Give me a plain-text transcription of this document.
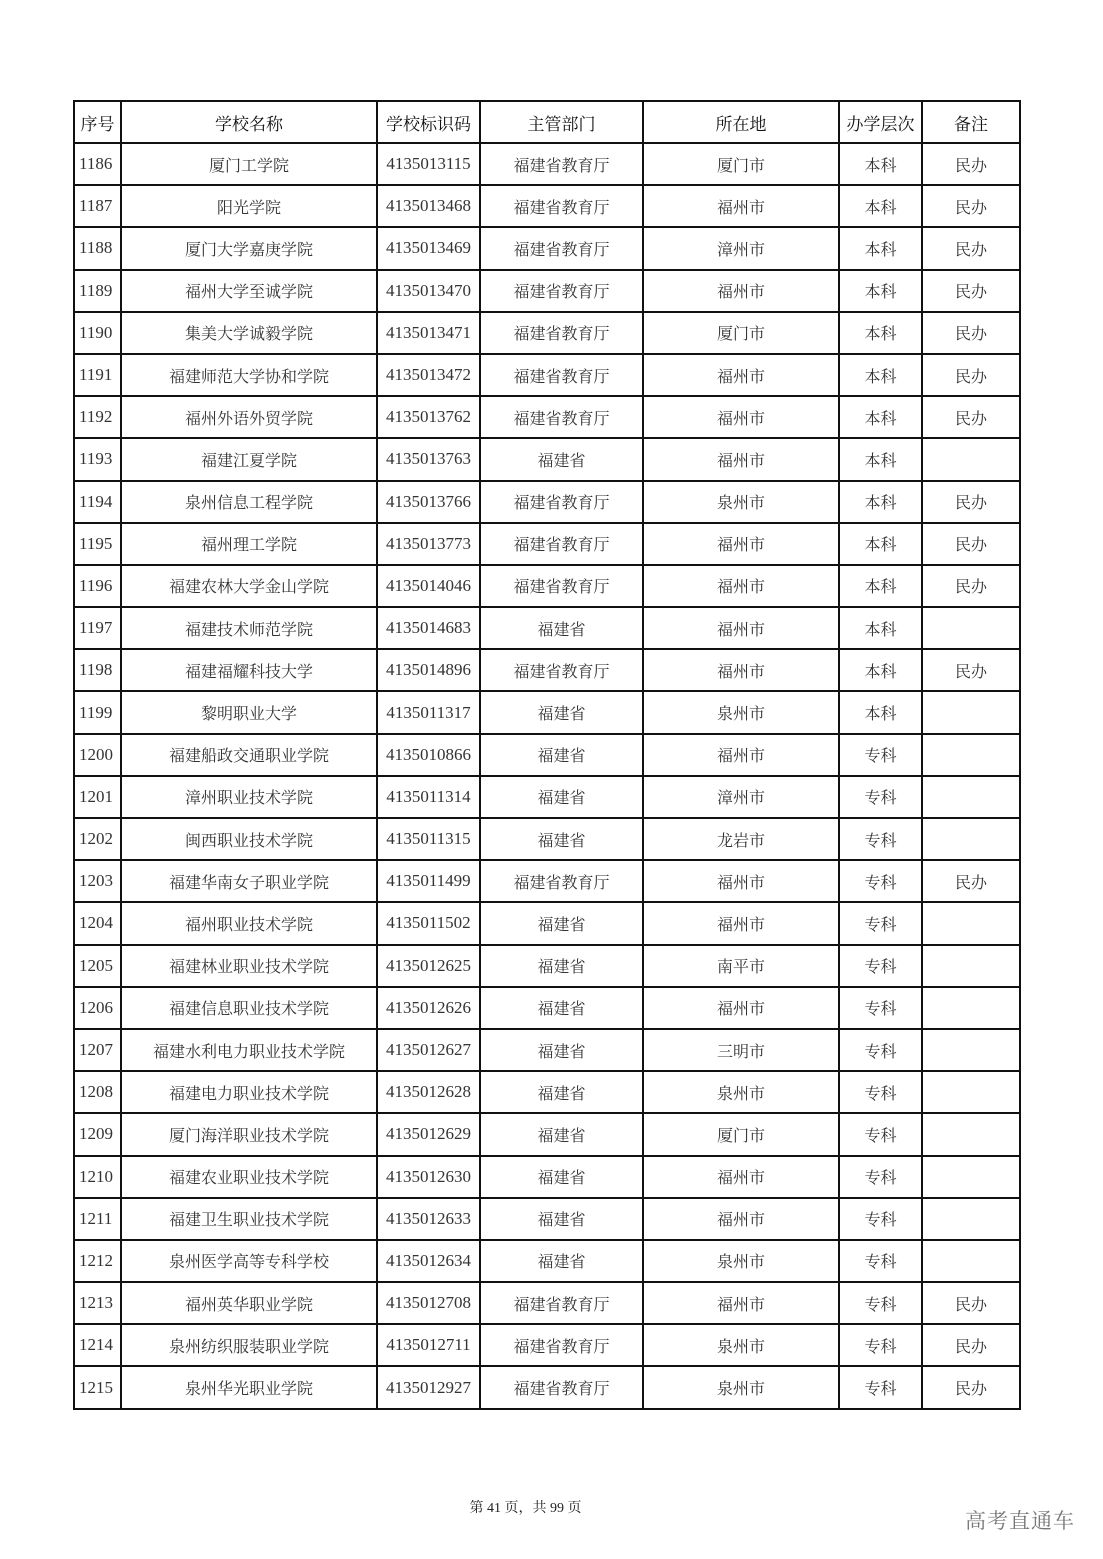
序号	学校名称	学校标识码	主管部门	所在地	办学层次	备注
1186	厦门工学院	4135013115	福建省教育厅	厦门市	本科	民办
1187	阳光学院	4135013468	福建省教育厅	福州市	本科	民办
1188	厦门大学嘉庚学院	4135013469	福建省教育厅	漳州市	本科	民办
1189	福州大学至诚学院	4135013470	福建省教育厅	福州市	本科	民办
1190	集美大学诚毅学院	4135013471	福建省教育厅	厦门市	本科	民办
1191	福建师范大学协和学院	4135013472	福建省教育厅	福州市	本科	民办
1192	福州外语外贸学院	4135013762	福建省教育厅	福州市	本科	民办
1193	福建江夏学院	4135013763	福建省	福州市	本科	
1194	泉州信息工程学院	4135013766	福建省教育厅	泉州市	本科	民办
1195	福州理工学院	4135013773	福建省教育厅	福州市	本科	民办
1196	福建农林大学金山学院	4135014046	福建省教育厅	福州市	本科	民办
1197	福建技术师范学院	4135014683	福建省	福州市	本科	
1198	福建福耀科技大学	4135014896	福建省教育厅	福州市	本科	民办
1199	黎明职业大学	4135011317	福建省	泉州市	本科	
1200	福建船政交通职业学院	4135010866	福建省	福州市	专科	
1201	漳州职业技术学院	4135011314	福建省	漳州市	专科	
1202	闽西职业技术学院	4135011315	福建省	龙岩市	专科	
1203	福建华南女子职业学院	4135011499	福建省教育厅	福州市	专科	民办
1204	福州职业技术学院	4135011502	福建省	福州市	专科	
1205	福建林业职业技术学院	4135012625	福建省	南平市	专科	
1206	福建信息职业技术学院	4135012626	福建省	福州市	专科	
1207	福建水利电力职业技术学院	4135012627	福建省	三明市	专科	
1208	福建电力职业技术学院	4135012628	福建省	泉州市	专科	
1209	厦门海洋职业技术学院	4135012629	福建省	厦门市	专科	
1210	福建农业职业技术学院	4135012630	福建省	福州市	专科	
1211	福建卫生职业技术学院	4135012633	福建省	福州市	专科	
1212	泉州医学高等专科学校	4135012634	福建省	泉州市	专科	
1213	福州英华职业学院	4135012708	福建省教育厅	福州市	专科	民办
1214	泉州纺织服装职业学院	4135012711	福建省教育厅	泉州市	专科	民办
1215	泉州华光职业学院	4135012927	福建省教育厅	泉州市	专科	民办
第 41 页，共 99 页
高考直通车
